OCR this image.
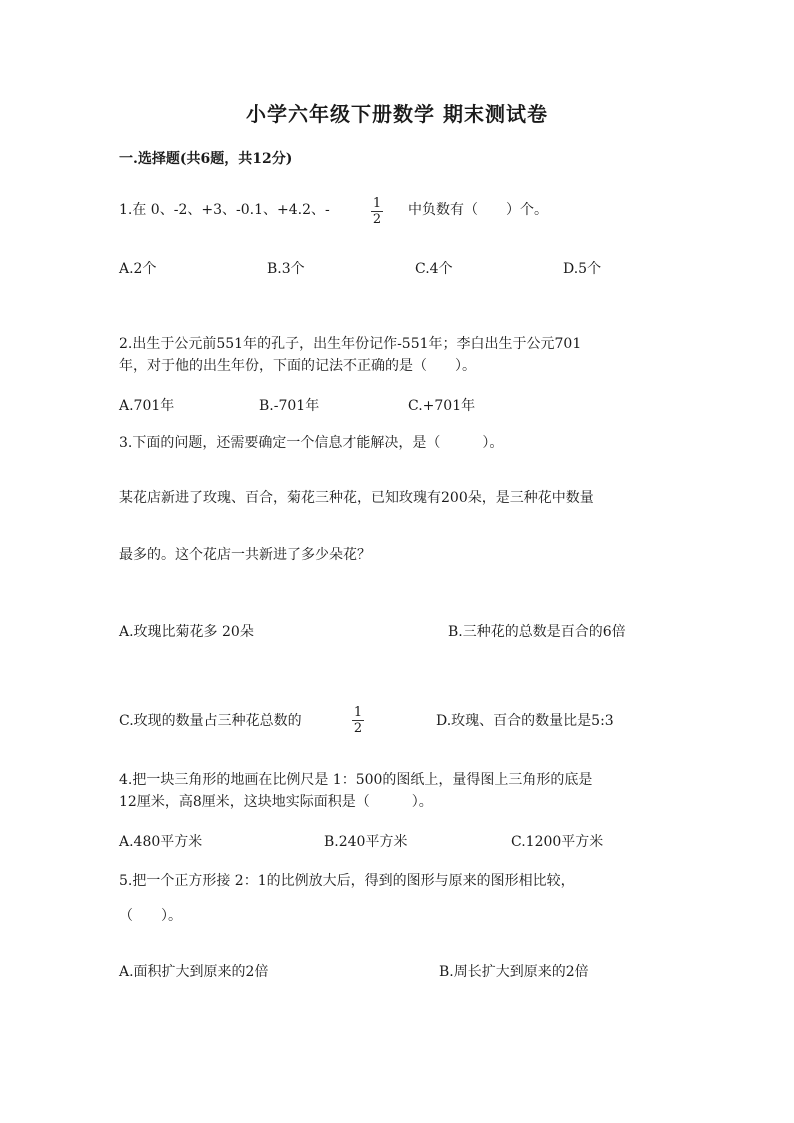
小学六年级下册数学 期末测试卷
一.选择题(共6题，共12分)
1.在 0、-2、+3、-0.1、+4.2、-	$\frac{1}{2}$ 中负数有（　　）个。
A.2个	B.3个	C.4个	D.5个
2.出生于公元前551年的孔子，出生年份记作-551年；李白出生于公元701
年，对于他的出生年份，下面的记法不正确的是（　　）。
A.701年	B.-701年	C.+701年
3.下面的问题，还需要确定一个信息才能解决，是（　　　）。
某花店新进了玫瑰、百合，菊花三种花，已知玫瑰有200朵，是三种花中数量
最多的。这个花店一共新进了多少朵花？
A.玫瑰比菊花多 20朵	B.三种花的总数是百合的6倍
C.玫现的数量占三种花总数的	$\frac{1}{2}$	D.玫瑰、百合的数量比是5:3
4.把一块三角形的地画在比例尺是 1：500的图纸上，量得图上三角形的底是
12厘米，高8厘米，这块地实际面积是（　　　）。
A.480平方米	B.240平方米	C.1200平方米
5.把一个正方形接 2：1的比例放大后，得到的图形与原来的图形相比较，
（　　）。
A.面积扩大到原来的2倍	B.周长扩大到原来的2倍
